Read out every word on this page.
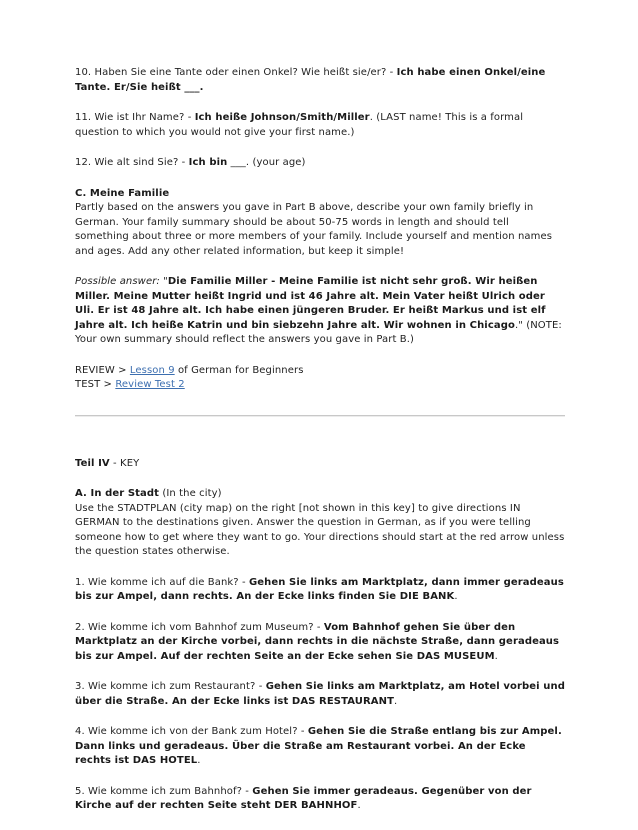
10. Haben Sie eine Tante oder einen Onkel? Wie heißt sie/er? - Ich habe einen Onkel/eine Tante. Er/Sie heißt ___.

11. Wie ist Ihr Name? - Ich heiße Johnson/Smith/Miller. (LAST name! This is a formal question to which you would not give your first name.)

12. Wie alt sind Sie? - Ich bin ___. (your age)

C. Meine Familie

Partly based on the answers you gave in Part B above, describe your own family briefly in German. Your family summary should be about 50-75 words in length and should tell something about three or more members of your family. Include yourself and mention names and ages. Add any other related information, but keep it simple!

Possible answer: "Die Familie Miller - Meine Familie ist nicht sehr groß. Wir heißen Miller. Meine Mutter heißt Ingrid und ist 46 Jahre alt. Mein Vater heißt Ulrich oder Uli. Er ist 48 Jahre alt. Ich habe einen jüngeren Bruder. Er heißt Markus und ist elf Jahre alt. Ich heiße Katrin und bin siebzehn Jahre alt. Wir wohnen in Chicago." (NOTE: Your own summary should reflect the answers you gave in Part B.)

REVIEW > Lesson 9 of German for Beginners

TEST > Review Test 2

Teil IV - KEY

A. In der Stadt (In the city)

Use the STADTPLAN (city map) on the right [not shown in this key] to give directions IN GERMAN to the destinations given. Answer the question in German, as if you were telling someone how to get where they want to go. Your directions should start at the red arrow unless the question states otherwise.

1. Wie komme ich auf die Bank? - Gehen Sie links am Marktplatz, dann immer geradeaus bis zur Ampel, dann rechts. An der Ecke links finden Sie DIE BANK.

2. Wie komme ich vom Bahnhof zum Museum? - Vom Bahnhof gehen Sie über den Marktplatz an der Kirche vorbei, dann rechts in die nächste Straße, dann geradeaus bis zur Ampel. Auf der rechten Seite an der Ecke sehen Sie DAS MUSEUM.

3. Wie komme ich zum Restaurant? - Gehen Sie links am Marktplatz, am Hotel vorbei und über die Straße. An der Ecke links ist DAS RESTAURANT.

4. Wie komme ich von der Bank zum Hotel? - Gehen Sie die Straße entlang bis zur Ampel. Dann links und geradeaus. Über die Straße am Restaurant vorbei. An der Ecke rechts ist DAS HOTEL.

5. Wie komme ich zum Bahnhof? - Gehen Sie immer geradeaus. Gegenüber von der Kirche auf der rechten Seite steht DER BAHNHOF.
